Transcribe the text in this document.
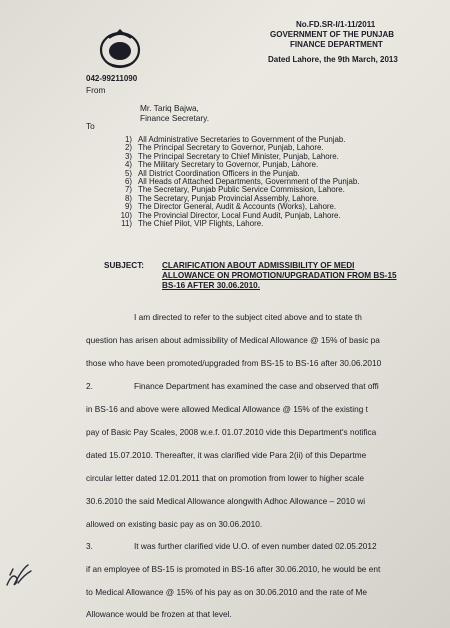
No.FD.SR-I/1-11/2011
GOVERNMENT OF THE PUNJAB
FINANCE DEPARTMENT
Dated Lahore, the 9th March, 2013
042-99211090
From
Mr. Tariq Bajwa,
Finance Secretary.
To
1) All Administrative Secretaries to Government of the Punjab.
2) The Principal Secretary to Governor, Punjab, Lahore.
3) The Principal Secretary to Chief Minister, Punjab, Lahore.
4) The Military Secretary to Governor, Punjab, Lahore.
5) All District Coordination Officers in the Punjab.
6) All Heads of Attached Departments, Government of the Punjab.
7) The Secretary, Punjab Public Service Commission, Lahore.
8) The Secretary, Punjab Provincial Assembly, Lahore.
9) The Director General, Audit & Accounts (Works), Lahore.
10) The Provincial Director, Local Fund Audit, Punjab, Lahore.
11) The Chief Pilot, VIP Flights, Lahore.
SUBJECT: CLARIFICATION ABOUT ADMISSIBILITY OF MEDI
ALLOWANCE ON PROMOTION/UPGRADATION FROM BS-15
BS-16 AFTER 30.06.2010.
I am directed to refer to the subject cited above and to state th
question has arisen about admissibility of Medical Allowance @ 15% of basic pa
those who have been promoted/upgraded from BS-15 to BS-16 after 30.06.2010
2.	Finance Department has examined the case and observed that offi
in BS-16 and above were allowed Medical Allowance @ 15% of the existing t
pay of Basic Pay Scales, 2008 w.e.f. 01.07.2010 vide this Department's notifica
dated 15.07.2010. Thereafter, it was clarified vide Para 2(ii) of this Departme
circular letter dated 12.01.2011 that on promotion from lower to higher scale
30.6.2010 the said Medical Allowance alongwith Adhoc Allowance – 2010 wi
allowed on existing basic pay as on 30.06.2010.
3.	It was further clarified vide U.O. of even number dated 02.05.2012
if an employee of BS-15 is promoted in BS-16 after 30.06.2010, he would be ent
to Medical Allowance @ 15% of his pay as on 30.06.2010 and the rate of Me
Allowance would be frozen at that level.
